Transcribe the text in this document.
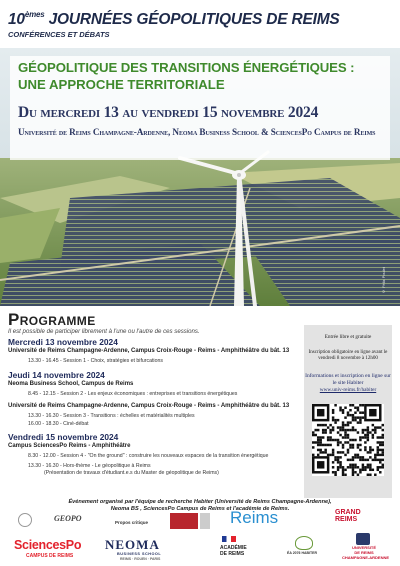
10èmes JOURNÉES GÉOPOLITIQUES DE REIMS
CONFÉRENCES ET DÉBATS
GÉOPOLITIQUE DES TRANSITIONS ÉNERGÉTIQUES :
UNE APPROCHE TERRITORIALE
Du mercredi 13 au vendredi 15 novembre 2024
Université de Reims Champagne-Ardenne, Neoma Business School & SciencesPo Campus de Reims
© Félix Poulet
Programme
Il est possible de participer librement à l'une ou l'autre de ces sessions.
Mercredi 13 novembre 2024
Université de Reims Champagne-Ardenne, Campus Croix-Rouge - Reims - Amphithéâtre du bât. 13
13.30 - 16.45 - Session 1 - Choix, stratégies et bifurcations
Jeudi 14 novembre 2024
Neoma Business School, Campus de Reims
8.45 - 12.15 - Session 2 - Les enjeux économiques : entreprises et transitions énergétiques
Université de Reims Champagne-Ardenne, Campus Croix-Rouge - Reims - Amphithéâtre du bât. 13
13.30 - 16.30 - Session 3 - Transitions : échelles et matérialités multiples
16.00 - 18.30 - Ciné-débat
Vendredi 15 novembre 2024
Campus SciencesPo Reims - Amphithéâtre
8.30 - 12.00 - Session 4 - "On the ground" : construire les nouveaux espaces de la transition énergétique
13.30 - 16.30 - Hors-thème - Le géopolitique à Reims
(Présentation de travaux d'étudiant.e.s du Master de géopolitique de Reims)
Entrée libre et gratuite
Inscription obligatoire en ligne avant le vendredi 8 novembre à 12h00
Informations et inscription en ligne sur le site Habiter
www.univ-reims.fr/habiter
Événement organisé par l'équipe de recherche Habiter (Université de Reims Champagne-Ardenne),
Neoma BS , SciencesPo Campus de Reims et l'académie de Reims.
GEOPO	Propos critique	Reims	GRAND
REIMS
SciencesPo
CAMPUS DE REIMS
NEOMA
BUSINESS SCHOOL
REIMS · ROUEN · PARIS
ACADÉMIE
DE REIMS	ÉA 2076 HABITER
UNIVERSITÉ
DE REIMS
CHAMPAGNE-ARDENNE
